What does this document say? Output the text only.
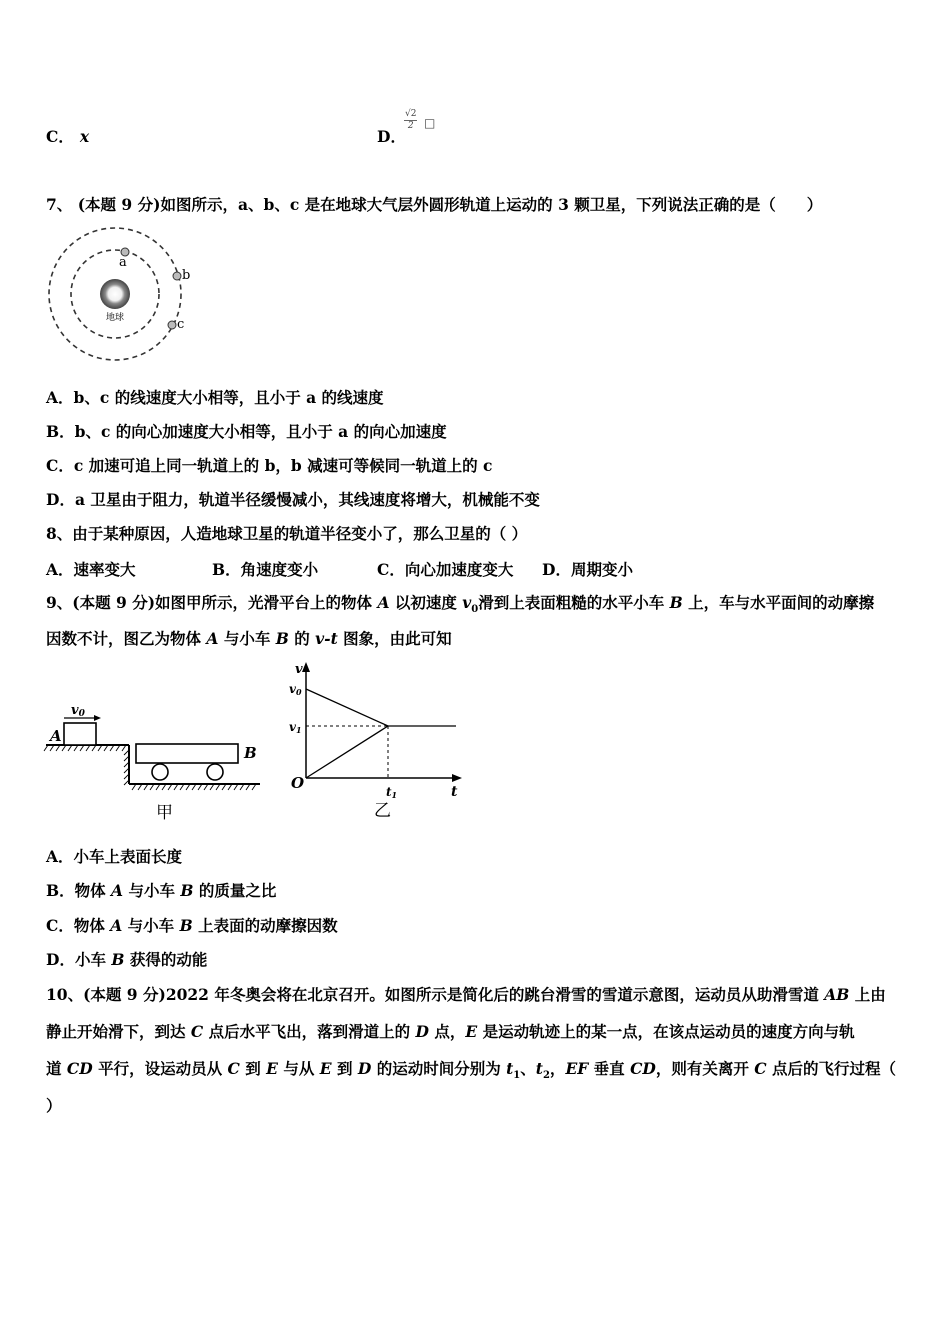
C． x	D．
√2
2 □
7、 (本题 9 分)如图所示，a、b、c 是在地球大气层外圆形轨道上运动的 3 颗卫星，下列说法正确的是（　　）
地球
a
b
c
A．b、c 的线速度大小相等，且小于 a 的线速度
B．b、c 的向心加速度大小相等，且小于 a 的向心加速度
C．c 加速可追上同一轨道上的 b，b 减速可等候同一轨道上的 c
D．a 卫星由于阻力，轨道半径缓慢减小，其线速度将增大，机械能不变
8、由于某种原因，人造地球卫星的轨道半径变小了，那么卫星的（ ）
A．速率变大	B．角速度变小	C．向心加速度变大 D．周期变小
9、(本题 9 分)如图甲所示，光滑平台上的物体 A 以初速度 $v_0$滑到上表面粗糙的水平小车 B 上，车与水平面间的动摩擦
因数不计，图乙为物体 A 与小车 B 的 v-t 图象，由此可知
A
v0
B
甲
v
t
O
v0
v1
t1
乙
A．小车上表面长度
B．物体 A 与小车 B 的质量之比
C．物体 A 与小车 B 上表面的动摩擦因数
D．小车 B 获得的动能
10、(本题 9 分)2022 年冬奥会将在北京召开。如图所示是简化后的跳台滑雪的雪道示意图，运动员从助滑雪道 AB 上由
静止开始滑下，到达 C 点后水平飞出，落到滑道上的 D 点，E 是运动轨迹上的某一点，在该点运动员的速度方向与轨
道 CD 平行，设运动员从 C 到 E 与从 E 到 D 的运动时间分别为 $t_1$、$t_2$，EF 垂直 CD，则有关离开 C 点后的飞行过程（
）
